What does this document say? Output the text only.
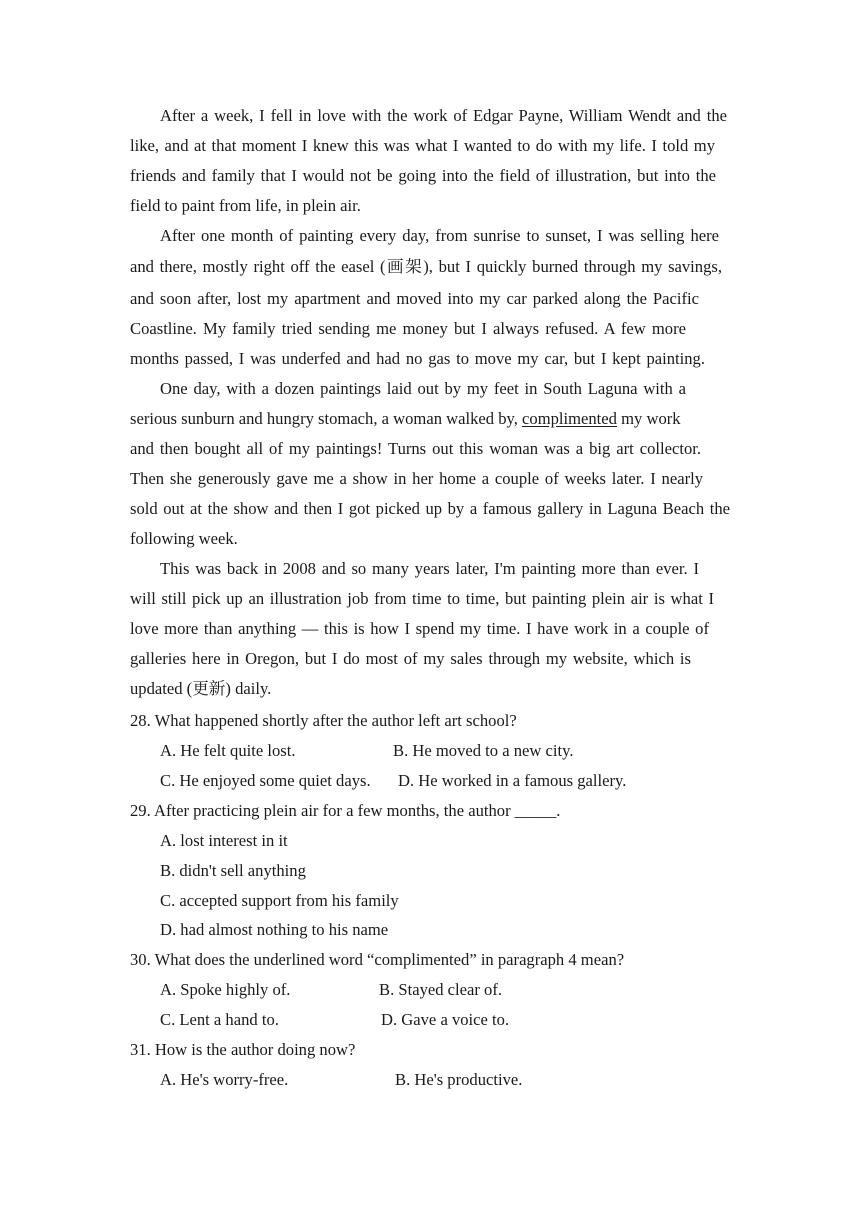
After a week, I fell in love with the work of Edgar Payne, William Wendt and the
like, and at that moment I knew this was what I wanted to do with my life. I told my
friends and family that I would not be going into the field of illustration, but into the
field to paint from life, in plein air.
After one month of painting every day, from sunrise to sunset, I was selling here
and there, mostly right off the easel (画架), but I quickly burned through my savings,
and soon after, lost my apartment and moved into my car parked along the Pacific
Coastline. My family tried sending me money but I always refused. A few more
months passed, I was underfed and had no gas to move my car, but I kept painting.
One day, with a dozen paintings laid out by my feet in South Laguna with a
serious sunburn and hungry stomach, a woman walked by, complimented my work
and then bought all of my paintings! Turns out this woman was a big art collector.
Then she generously gave me a show in her home a couple of weeks later. I nearly
sold out at the show and then I got picked up by a famous gallery in Laguna Beach the
following week.
This was back in 2008 and so many years later, I'm painting more than ever. I
will still pick up an illustration job from time to time, but painting plein air is what I
love more than anything — this is how I spend my time. I have work in a couple of
galleries here in Oregon, but I do most of my sales through my website, which is
updated (更新) daily.
28. What happened shortly after the author left art school?
A. He felt quite lost.	B. He moved to a new city.
C. He enjoyed some quiet days. D. He worked in a famous gallery.
29. After practicing plein air for a few months, the author _____.
A. lost interest in it
B. didn't sell anything
C. accepted support from his family
D. had almost nothing to his name
30. What does the underlined word “complimented” in paragraph 4 mean?
A. Spoke highly of.	B. Stayed clear of.
C. Lent a hand to.	D. Gave a voice to.
31. How is the author doing now?
A. He's worry-free.	B. He's productive.
